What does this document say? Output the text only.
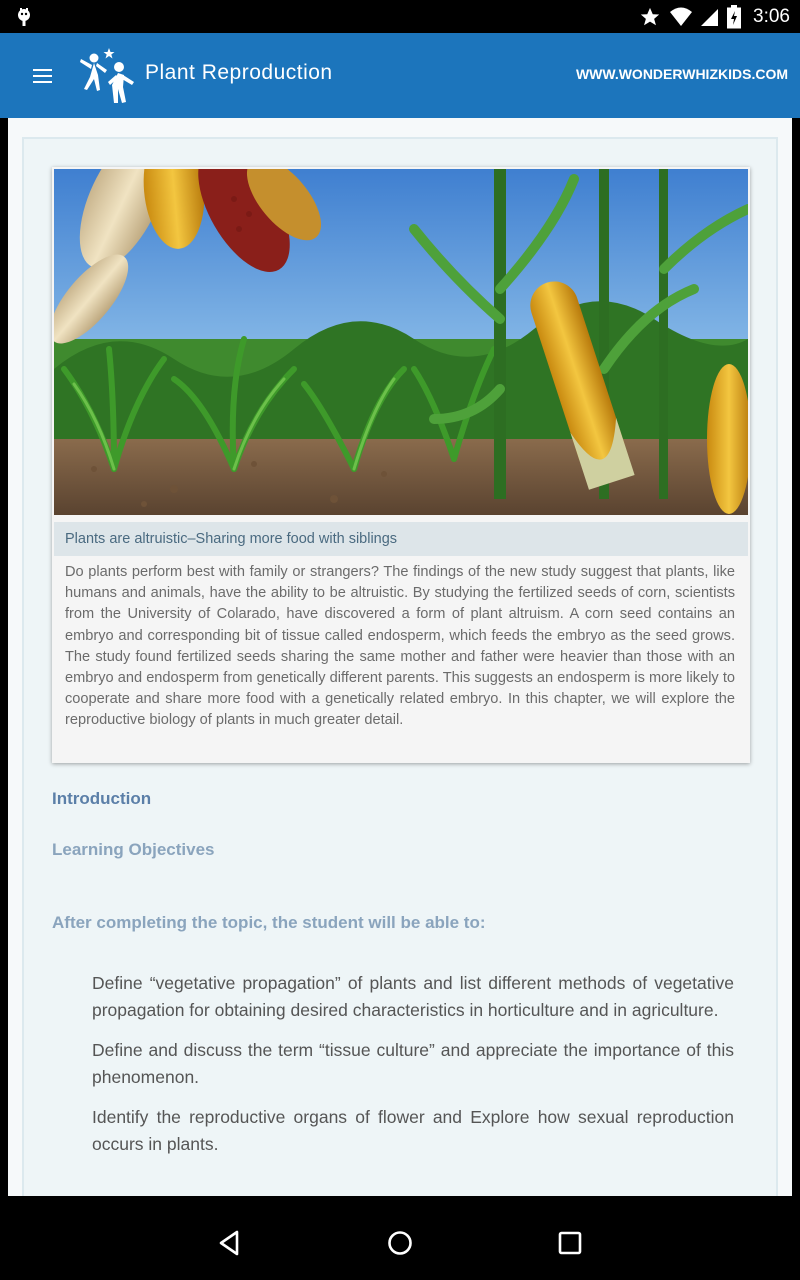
3:06
Plant Reproduction	WWW.WONDERWHIZKIDS.COM
Plants are altruistic–Sharing more food with siblings
Do plants perform best with family or strangers? The findings of the new study suggest that plants, like humans and animals, have the ability to be altruistic. By studying the fertilized seeds of corn, scientists from the University of Colarado, have discovered a form of plant altruism. A corn seed contains an embryo and corresponding bit of tissue called endosperm, which feeds the embryo as the seed grows. The study found fertilized seeds sharing the same mother and father were heavier than those with an embryo and endosperm from genetically different parents. This suggests an endosperm is more likely to cooperate and share more food with a genetically related embryo. In this chapter, we will explore the reproductive biology of plants in much greater detail.
Introduction
Learning Objectives
After completing the topic, the student will be able to:

Define “vegetative propagation” of plants and list different methods of vegetative propagation for obtaining desired characteristics in horticulture and in agriculture.

Define and discuss the term “tissue culture” and appreciate the importance of this phenomenon.

Identify the reproductive organs of flower and Explore how sexual reproduction occurs in plants.
